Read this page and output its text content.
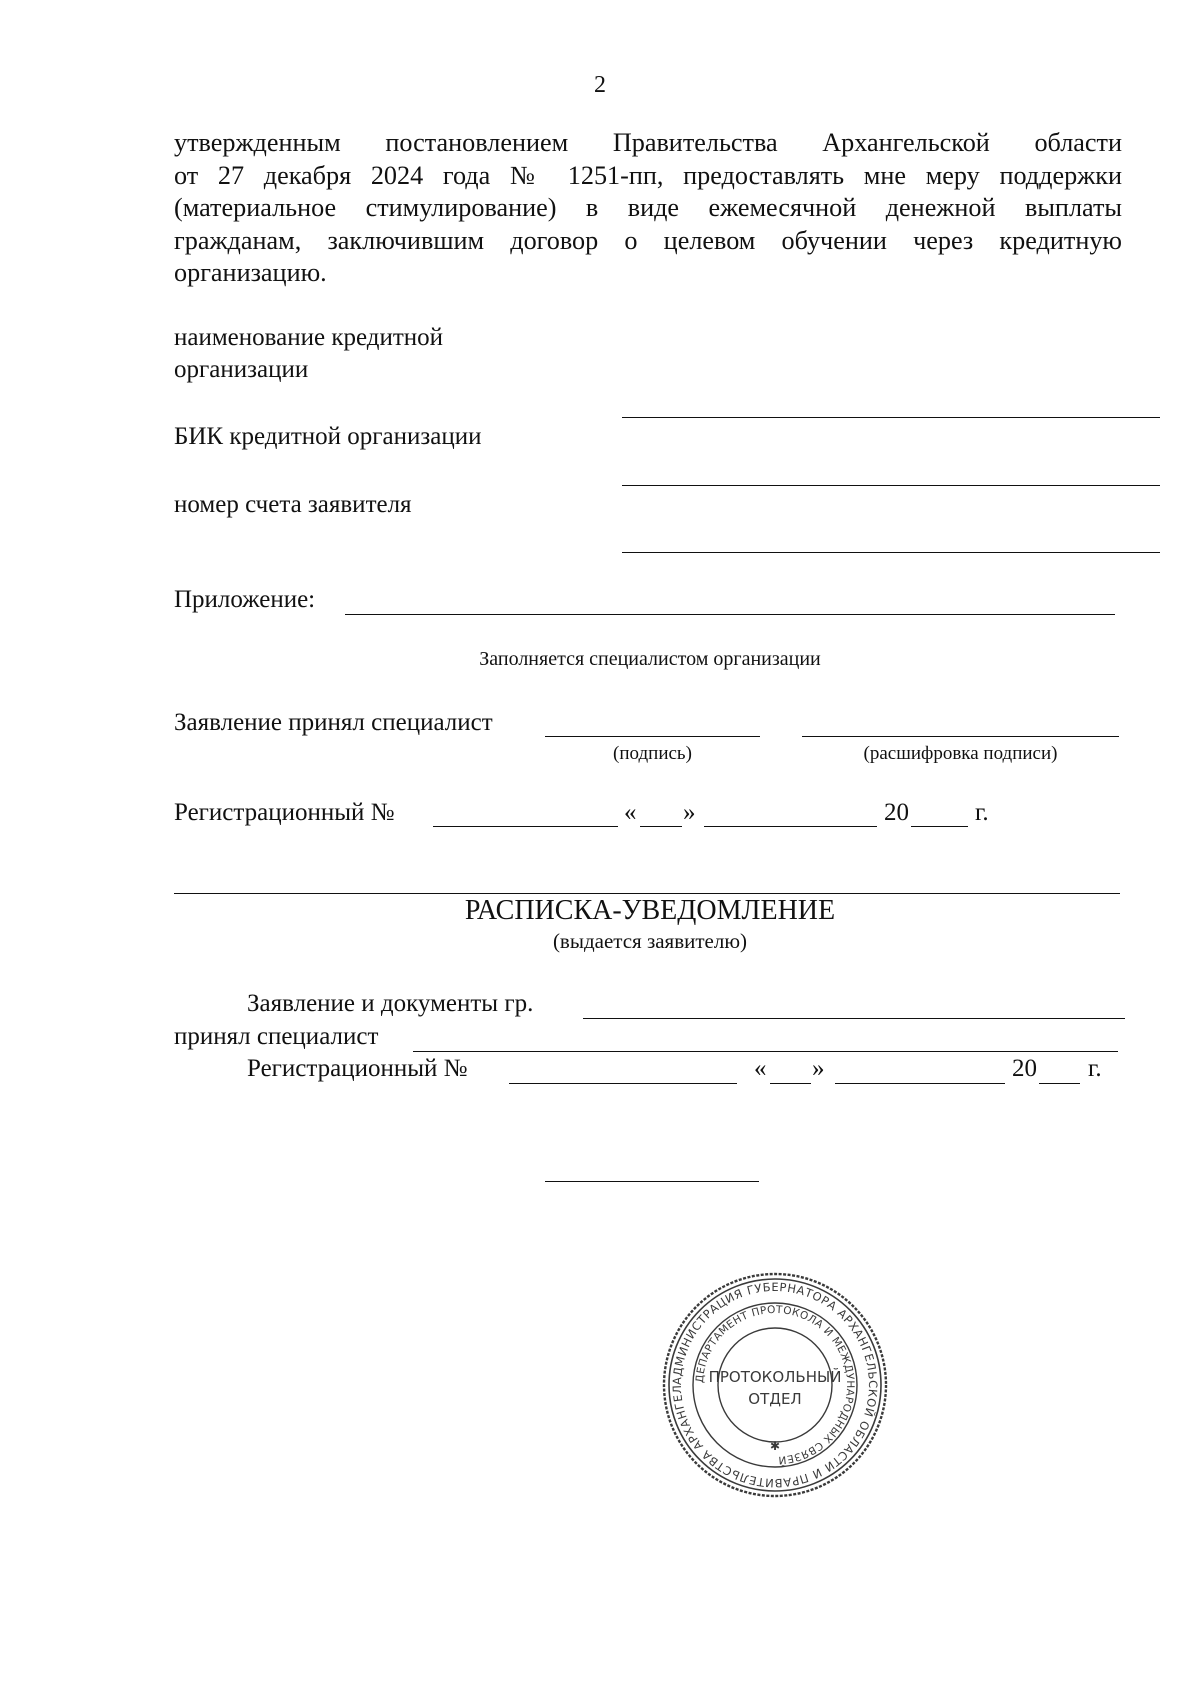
2
утвержденным постановлением Правительства Архангельской области
от 27 декабря 2024 года № 1251-пп, предоставлять мне меру поддержки
(материальное стимулирование) в виде ежемесячной денежной выплаты
гражданам, заключившим договор о целевом обучении через кредитную
организацию.
наименование кредитной
организации
БИК кредитной организации
номер счета заявителя
Приложение:
Заполняется специалистом организации
Заявление принял специалист
(подпись)	(расшифровка подписи)
Регистрационный №	« »	20	г.
РАСПИСКА-УВЕДОМЛЕНИЕ
(выдается заявителю)
Заявление и документы гр.
принял специалист
Регистрационный №	« »	20 г.
АДМИНИСТРАЦИЯ ГУБЕРНАТОРА АРХАНГЕЛЬСКОЙ ОБЛАСТИ И ПРАВИТЕЛЬСТВА АРХАНГЕЛ
ДЕПАРТАМЕНТ ПРОТОКОЛА И МЕЖДУНАРОДНЫХ СВЯЗЕЙ
ПРОТОКОЛЬНЫЙ
ОТДЕЛ
✱
